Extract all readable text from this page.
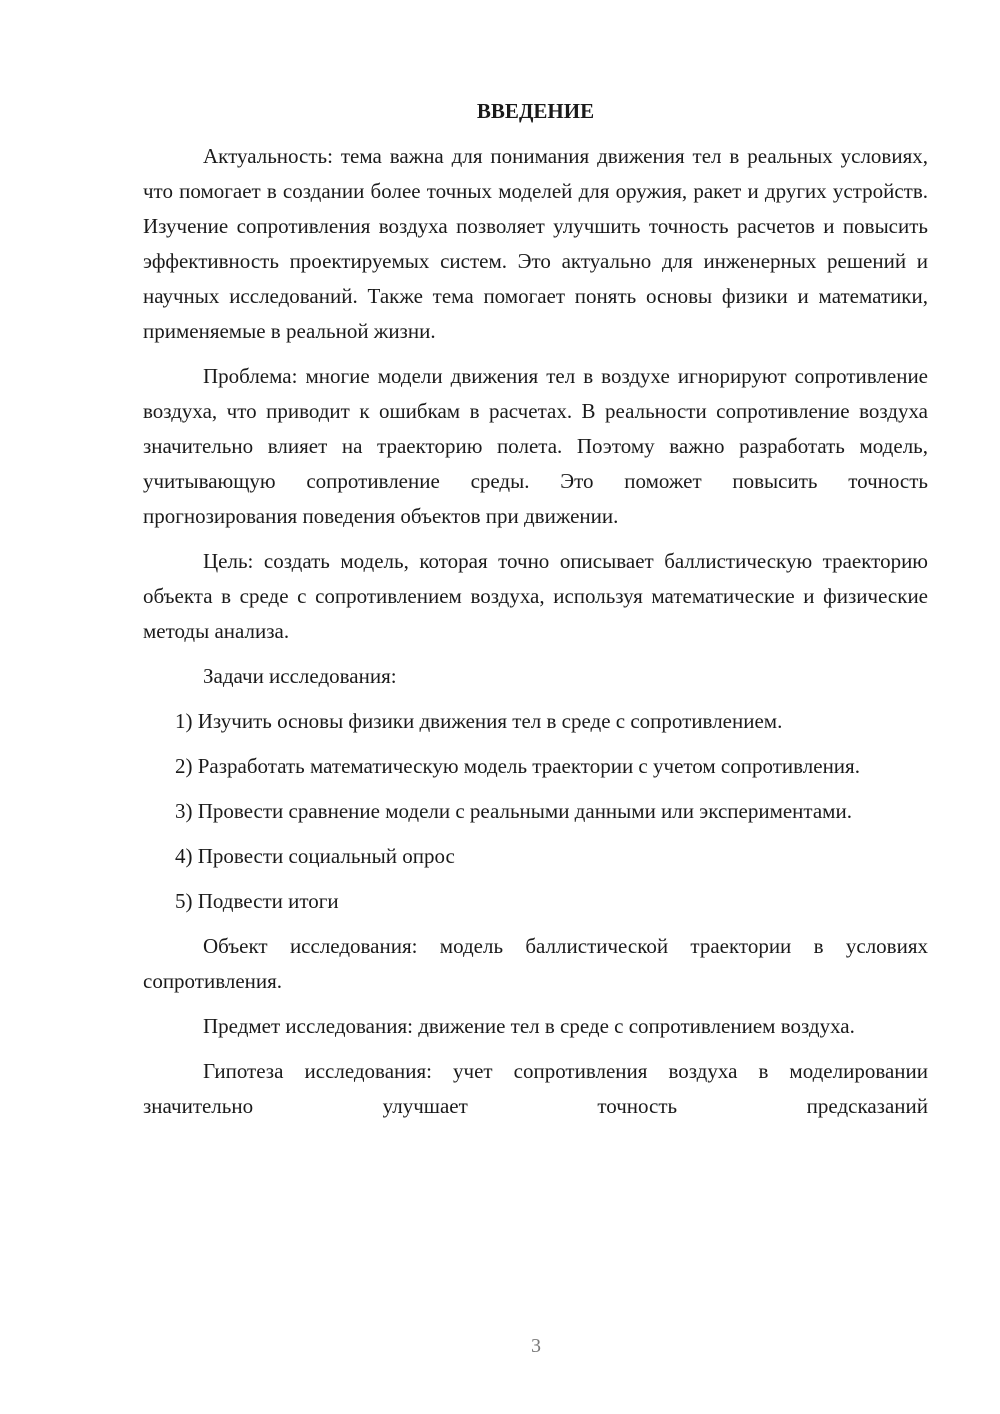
ВВЕДЕНИЕ

Актуальность: тема важна для понимания движения тел в реальных условиях, что помогает в создании более точных моделей для оружия, ракет и других устройств. Изучение сопротивления воздуха позволяет улучшить точность расчетов и повысить эффективность проектируемых систем. Это актуально для инженерных решений и научных исследований. Также тема помогает понять основы физики и математики, применяемые в реальной жизни.

Проблема: многие модели движения тел в воздухе игнорируют сопротивление воздуха, что приводит к ошибкам в расчетах. В реальности сопротивление воздуха значительно влияет на траекторию полета. Поэтому важно разработать модель, учитывающую сопротивление среды. Это поможет повысить точность прогнозирования поведения объектов при движении.

Цель: создать модель, которая точно описывает баллистическую траекторию объекта в среде с сопротивлением воздуха, используя математические и физические методы анализа.

Задачи исследования:

1) Изучить основы физики движения тел в среде с сопротивлением.

2) Разработать математическую модель траектории с учетом сопротивления.

3) Провести сравнение модели с реальными данными или экспериментами.

4) Провести социальный опрос

5) Подвести итоги

Объект исследования: модель баллистической траектории в условиях сопротивления.

Предмет исследования: движение тел в среде с сопротивлением воздуха.

Гипотеза исследования: учет сопротивления воздуха в моделировании значительно улучшает точность предсказаний

3
